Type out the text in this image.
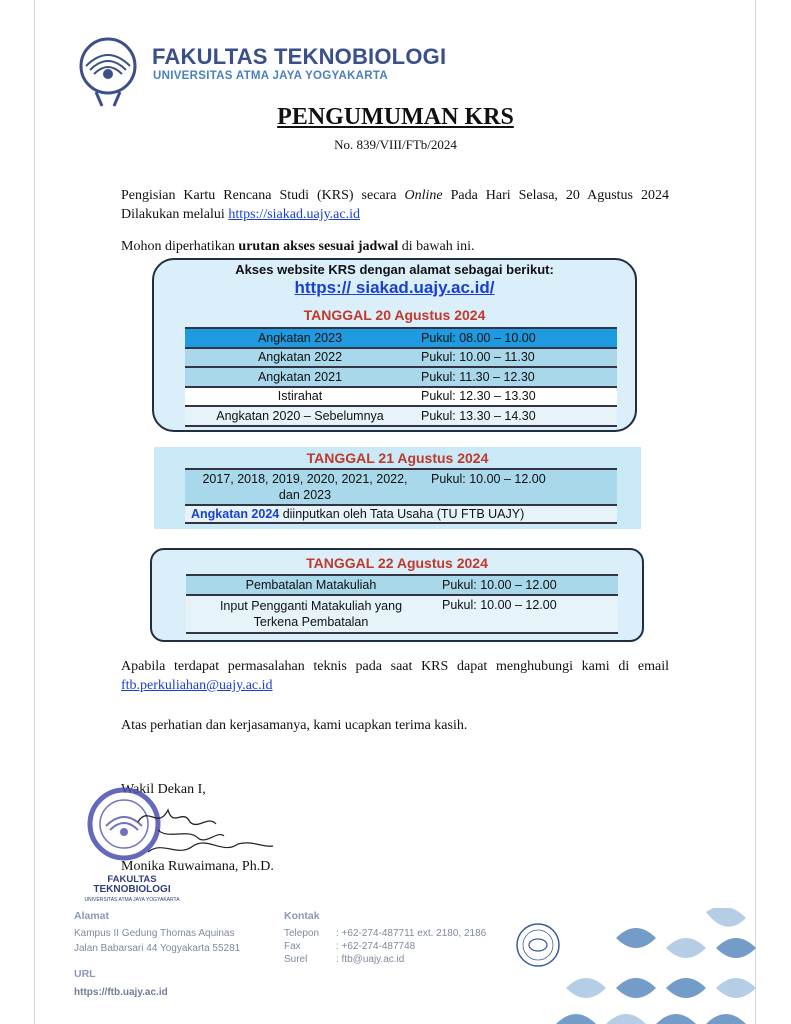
FAKULTAS TEKNOBIOLOGI
UNIVERSITAS ATMA JAYA YOGYAKARTA
PENGUMUMAN KRS
No. 839/VIII/FTb/2024
Pengisian Kartu Rencana Studi (KRS) secara Online Pada Hari Selasa, 20 Agustus 2024 Dilakukan melalui https://siakad.uajy.ac.id
Mohon diperhatikan urutan akses sesuai jadwal di bawah ini.
Akses website KRS dengan alamat sebagai berikut:
https:// siakad.uajy.ac.id/
TANGGAL 20 Agustus 2024
Angkatan 2023	Pukul: 08.00 – 10.00
Angkatan 2022	Pukul: 10.00 – 11.30
Angkatan 2021	Pukul: 11.30 – 12.30
Istirahat	Pukul: 12.30 – 13.30
Angkatan 2020 – Sebelumnya	Pukul: 13.30 – 14.30
TANGGAL 21 Agustus 2024
2017, 2018, 2019, 2020, 2021, 2022, dan 2023	Pukul: 10.00 – 12.00
Angkatan 2024 diinputkan oleh Tata Usaha (TU FTB UAJY)
TANGGAL 22 Agustus 2024
Pembatalan Matakuliah	Pukul: 10.00 – 12.00
Input Pengganti Matakuliah yang Terkena Pembatalan	Pukul: 10.00 – 12.00
Apabila terdapat permasalahan teknis pada saat KRS dapat menghubungi kami di email ftb.perkuliahan@uajy.ac.id
Atas perhatian dan kerjasamanya, kami ucapkan terima kasih.
Wakil Dekan I,
FAKULTAS
TEKNOBIOLOGI
UNIVERSITAS ATMA JAYA YOGYAKARTA
Monika Ruwaimana, Ph.D.
Alamat
Kampus II Gedung Thomas Aquinas
Jalan Babarsari 44 Yogyakarta 55281
URL
https://ftb.uajy.ac.id
Kontak
Telepon : +62-274-487711 ext. 2180, 2186
Fax	: +62-274-487748
Surel	: ftb@uajy.ac.id
